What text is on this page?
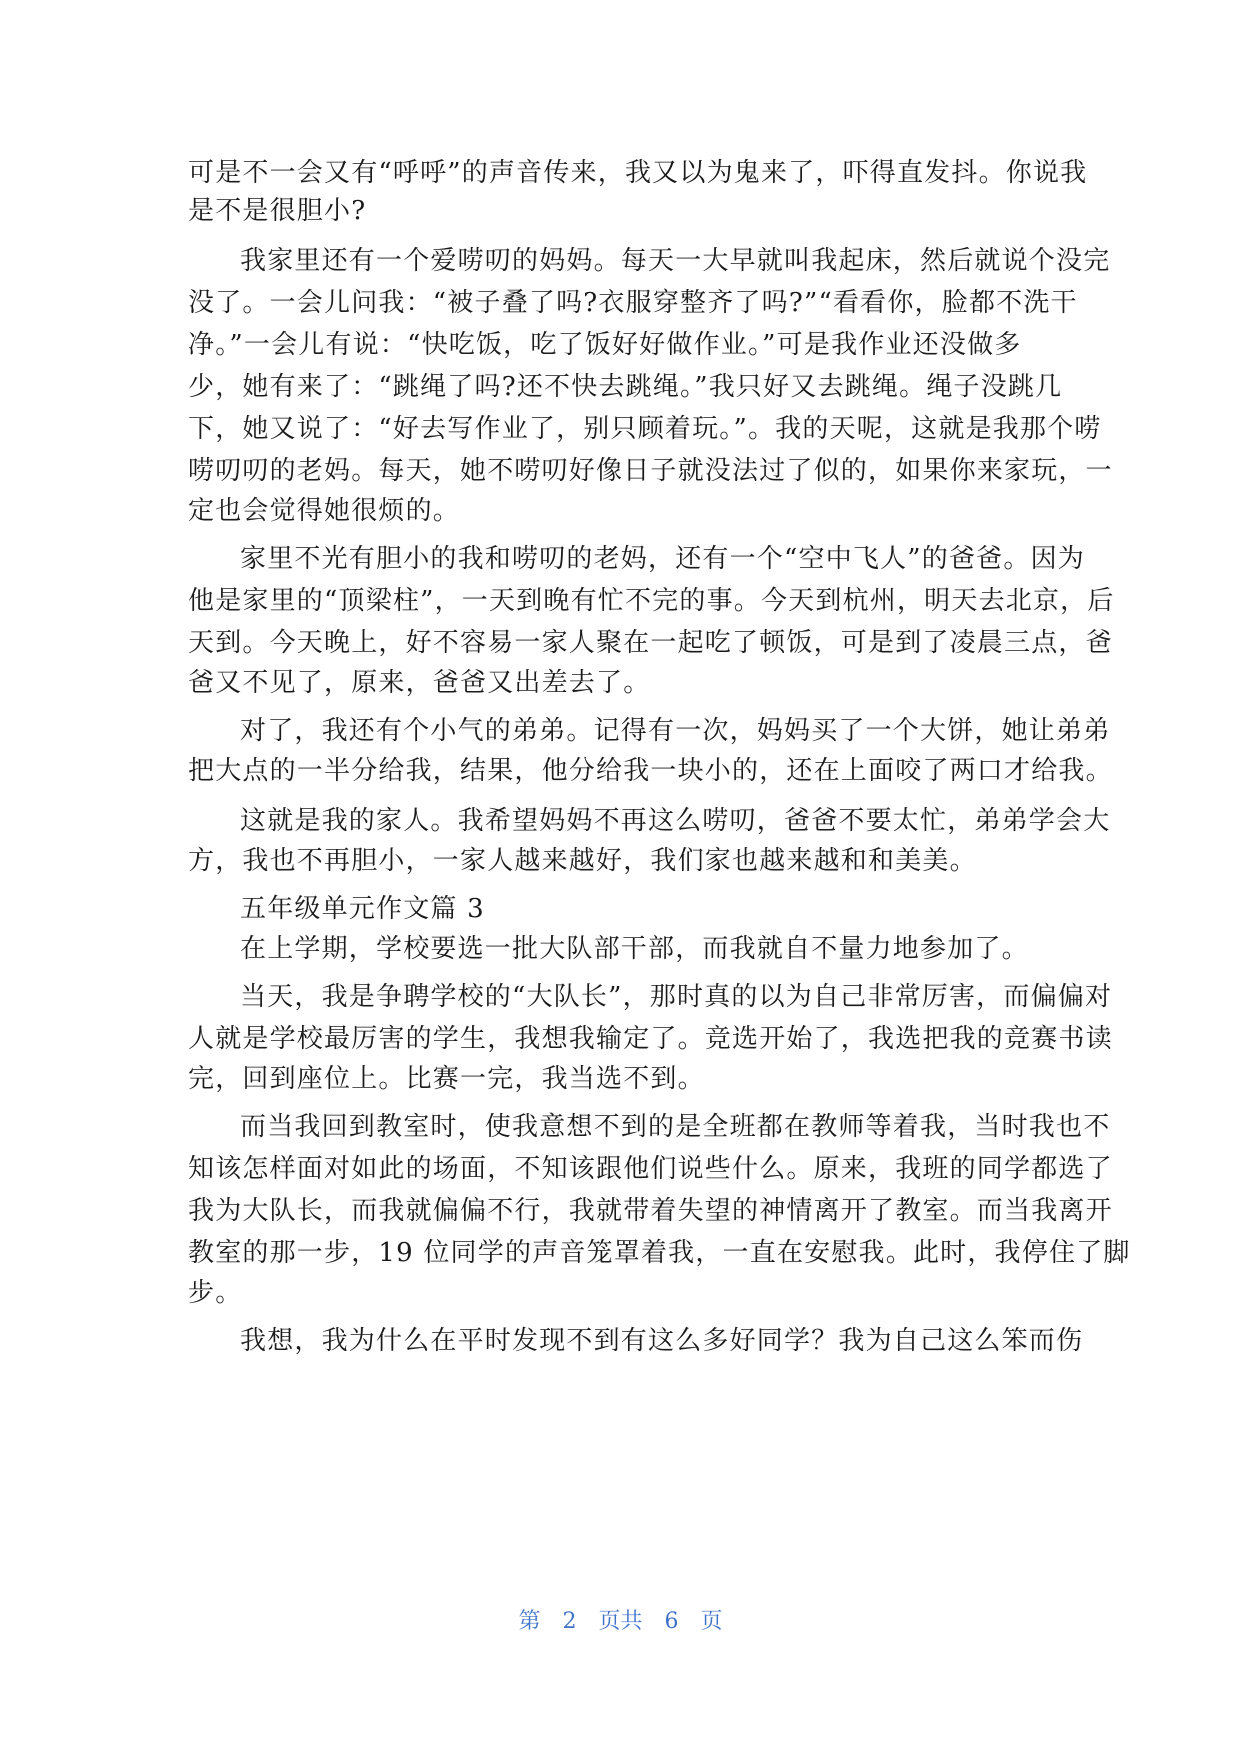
可是不一会又有“呼呼”的声音传来，我又以为鬼来了，吓得直发抖。你说我
是不是很胆小?
我家里还有一个爱唠叨的妈妈。每天一大早就叫我起床，然后就说个没完
没了。一会儿问我：“被子叠了吗?衣服穿整齐了吗?”“看看你，脸都不洗干
净。”一会儿有说：“快吃饭，吃了饭好好做作业。”可是我作业还没做多
少，她有来了：“跳绳了吗?还不快去跳绳。”我只好又去跳绳。绳子没跳几
下，她又说了：“好去写作业了，别只顾着玩。”。我的天呢，这就是我那个唠
唠叨叨的老妈。每天，她不唠叨好像日子就没法过了似的，如果你来家玩，一
定也会觉得她很烦的。
家里不光有胆小的我和唠叨的老妈，还有一个“空中飞人”的爸爸。因为
他是家里的“顶梁柱”，一天到晚有忙不完的事。今天到杭州，明天去北京，后
天到。今天晚上，好不容易一家人聚在一起吃了顿饭，可是到了凌晨三点，爸
爸又不见了，原来，爸爸又出差去了。
对了，我还有个小气的弟弟。记得有一次，妈妈买了一个大饼，她让弟弟
把大点的一半分给我，结果，他分给我一块小的，还在上面咬了两口才给我。
这就是我的家人。我希望妈妈不再这么唠叨，爸爸不要太忙，弟弟学会大
方，我也不再胆小，一家人越来越好，我们家也越来越和和美美。
五年级单元作文篇 3
在上学期，学校要选一批大队部干部，而我就自不量力地参加了。
当天，我是争聘学校的“大队长”，那时真的以为自己非常厉害，而偏偏对
人就是学校最厉害的学生，我想我输定了。竞选开始了，我选把我的竞赛书读
完，回到座位上。比赛一完，我当选不到。
而当我回到教室时，使我意想不到的是全班都在教师等着我，当时我也不
知该怎样面对如此的场面，不知该跟他们说些什么。原来，我班的同学都选了
我为大队长，而我就偏偏不行，我就带着失望的神情离开了教室。而当我离开
教室的那一步，19 位同学的声音笼罩着我，一直在安慰我。此时，我停住了脚
步。
我想，我为什么在平时发现不到有这么多好同学？我为自己这么笨而伤
第 2 页共 6 页
